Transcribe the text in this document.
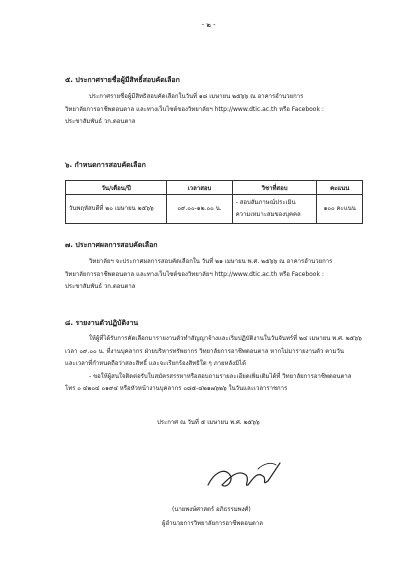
- ๒ -
๕. ประกาศรายชื่อผู้มีสิทธิ์สอบคัดเลือก
ประกาศรายชื่อผู้มีสิทธิสอบคัดเลือกในวันที่ ๑๘ เมษายน ๒๕๖๖ ณ อาคารอำนวยการ
วิทยาลัยการอาชีพดอนตาล และทางเว็บไซต์ของวิทยาลัยฯ http://www.dtic.ac.th หรือ Facebook :
ประชาสัมพันธ์ วก.ดอนตาล
๖. กำหนดการสอบคัดเลือก
วัน/เดือน/ปี	เวลาสอบ	วิชาที่สอบ	คะแนน
วันพฤหัสบดีที่ ๒๐ เมษายน ๒๕๖๖	๐๙.๐๐-๑๒.๐๐ น.	- สอบสัมภาษณ์ประเมิน
ความเหมาะสมของบุคคล	๑๐๐ คะแนน
๗. ประกาศผลการสอบคัดเลือก
วิทยาลัยฯ จะประกาศผลการสอบคัดเลือกใน วันที่ ๒๑ เมษายน พ.ศ. ๒๕๖๖ ณ อาคารอำนวยการ
วิทยาลัยการอาชีพดอนตาล และทางเว็บไซต์ของวิทยาลัยฯ http://www.dtic.ac.th หรือ Facebook :
ประชาสัมพันธ์ วก.ดอนตาล
๘. รายงานตัวปฏิบัติงาน
ให้ผู้ที่ได้รับการคัดเลือกมารายงานตัวทำสัญญาจ้างและเริ่มปฏิบัติงานในวันจันทร์ที่ ๒๔ เมษายน พ.ศ. ๒๕๖๖
เวลา ๐๙.๐๐ น. ที่งานบุคลากร ฝ่ายบริหารทรัพยากร วิทยาลัยการอาชีพดอนตาล หากไม่มารายงานตัว ตามวัน
และเวลาที่กำหนดถือว่าสละสิทธิ์ และจะเรียกร้องสิทธิใด ๆ ภายหลังมิได้
- ขอให้ผู้สนใจติดต่อรับใบสมัครสรรหาหรือสอบถามรายละเอียดเพิ่มเติมได้ที่ วิทยาลัยการอาชีพดอนตาล
โทร ๐ ๔๒๐๔ ๐๑๙๔ หรือหัวหน้างานบุคลากร ๐๘๕-๔๒๑๗๖๒๖ ในวันและเวลาราชการ
ประกาศ ณ วันที่ ๕ เมษายน พ.ศ. ๒๕๖๖
(นายพงษ์ศาสตร์ อภิธรรมพงศ์)
ผู้อำนวยการวิทยาลัยการอาชีพดอนตาล
